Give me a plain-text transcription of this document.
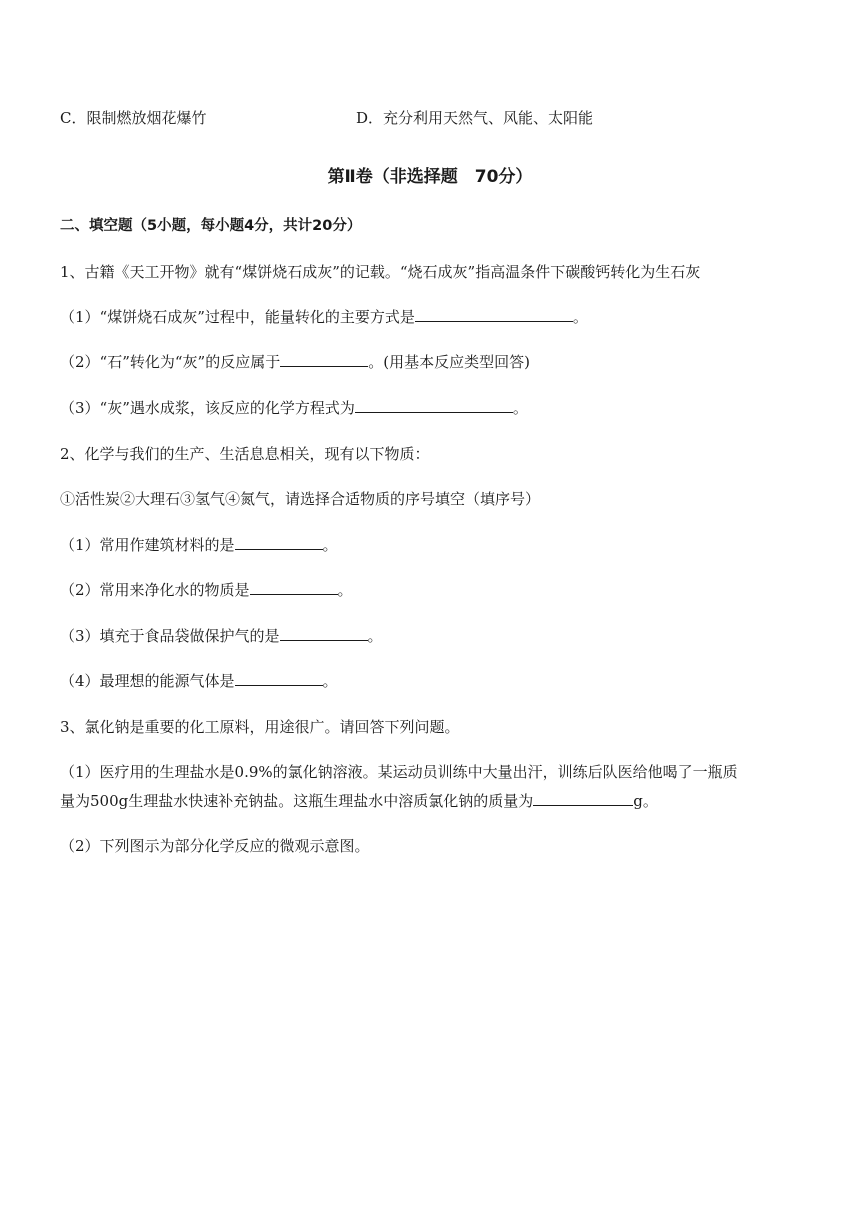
C．限制燃放烟花爆竹	D．充分利用天然气、风能、太阳能
第Ⅱ卷（非选择题　70分）
二、填空题（5小题，每小题4分，共计20分）
1、古籍《天工开物》就有“煤饼烧石成灰”的记载。“烧石成灰”指高温条件下碳酸钙转化为生石灰
（1）“煤饼烧石成灰”过程中，能量转化的主要方式是	。
（2）“石”转化为“灰”的反应属于	。(用基本反应类型回答)
（3）“灰”遇水成浆，该反应的化学方程式为	。
2、化学与我们的生产、生活息息相关，现有以下物质：
①活性炭②大理石③氢气④氮气，请选择合适物质的序号填空（填序号）
（1）常用作建筑材料的是	。
（2）常用来净化水的物质是	。
（3）填充于食品袋做保护气的是	。
（4）最理想的能源气体是	。
3、氯化钠是重要的化工原料，用途很广。请回答下列问题。
（1）医疗用的生理盐水是0.9%的氯化钠溶液。某运动员训练中大量出汗，训练后队医给他喝了一瓶质
量为500g生理盐水快速补充钠盐。这瓶生理盐水中溶质氯化钠的质量为	g。
（2）下列图示为部分化学反应的微观示意图。
